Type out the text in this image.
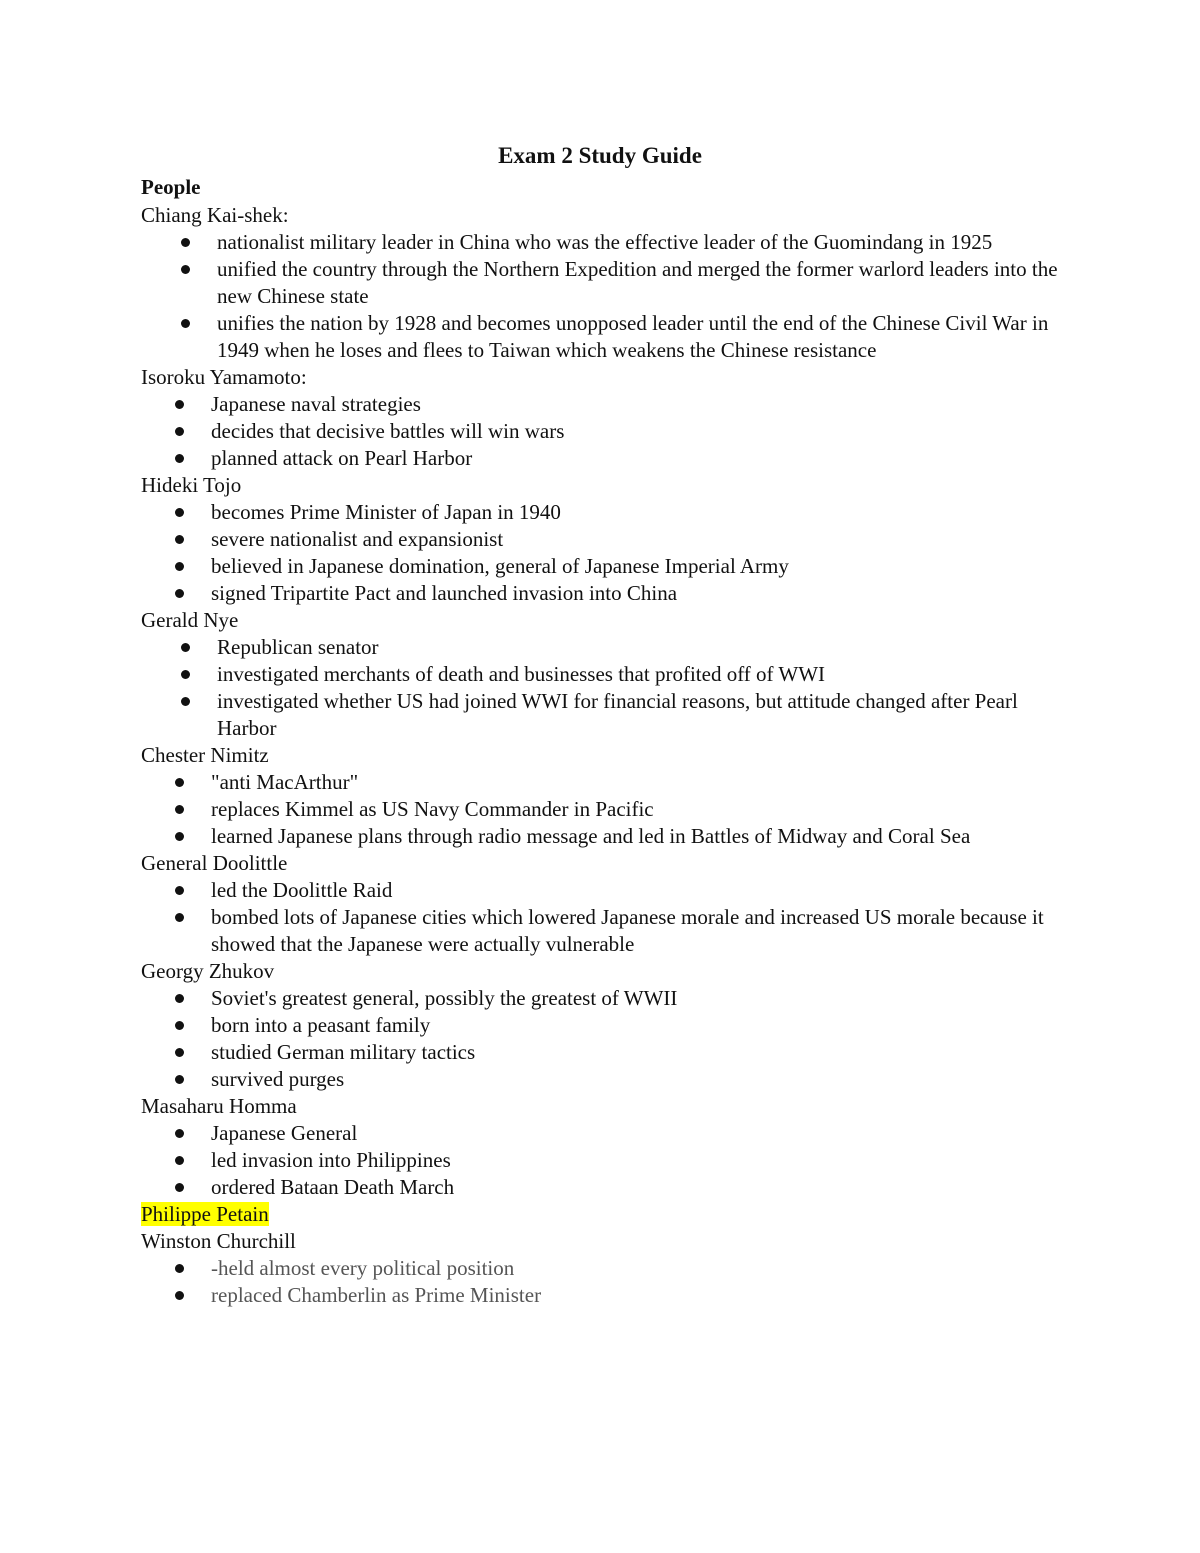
Exam 2 Study Guide
People
Chiang Kai-shek:
nationalist military leader in China who was the effective leader of the Guomindang in 1925
unified the country through the Northern Expedition and merged the former warlord leaders into the new Chinese state
unifies the nation by 1928 and becomes unopposed leader until the end of the Chinese Civil War in 1949 when he loses and flees to Taiwan which weakens the Chinese resistance
Isoroku Yamamoto:
Japanese naval strategies
decides that decisive battles will win wars
planned attack on Pearl Harbor
Hideki Tojo
becomes Prime Minister of Japan in 1940
severe nationalist and expansionist
believed in Japanese domination, general of Japanese Imperial Army
signed Tripartite Pact and launched invasion into China
Gerald Nye
Republican senator
investigated merchants of death and businesses that profited off of WWI
investigated whether US had joined WWI for financial reasons, but attitude changed after Pearl Harbor
Chester Nimitz
"anti MacArthur"
replaces Kimmel as US Navy Commander in Pacific
learned Japanese plans through radio message and led in Battles of Midway and Coral Sea
General Doolittle
led the Doolittle Raid
bombed lots of Japanese cities which lowered Japanese morale and increased US morale because it showed that the Japanese were actually vulnerable
Georgy Zhukov
Soviet's greatest general, possibly the greatest of WWII
born into a peasant family
studied German military tactics
survived purges
Masaharu Homma
Japanese General
led invasion into Philippines
ordered Bataan Death March
Philippe Petain
Winston Churchill
-held almost every political position
replaced Chamberlin as Prime Minister
